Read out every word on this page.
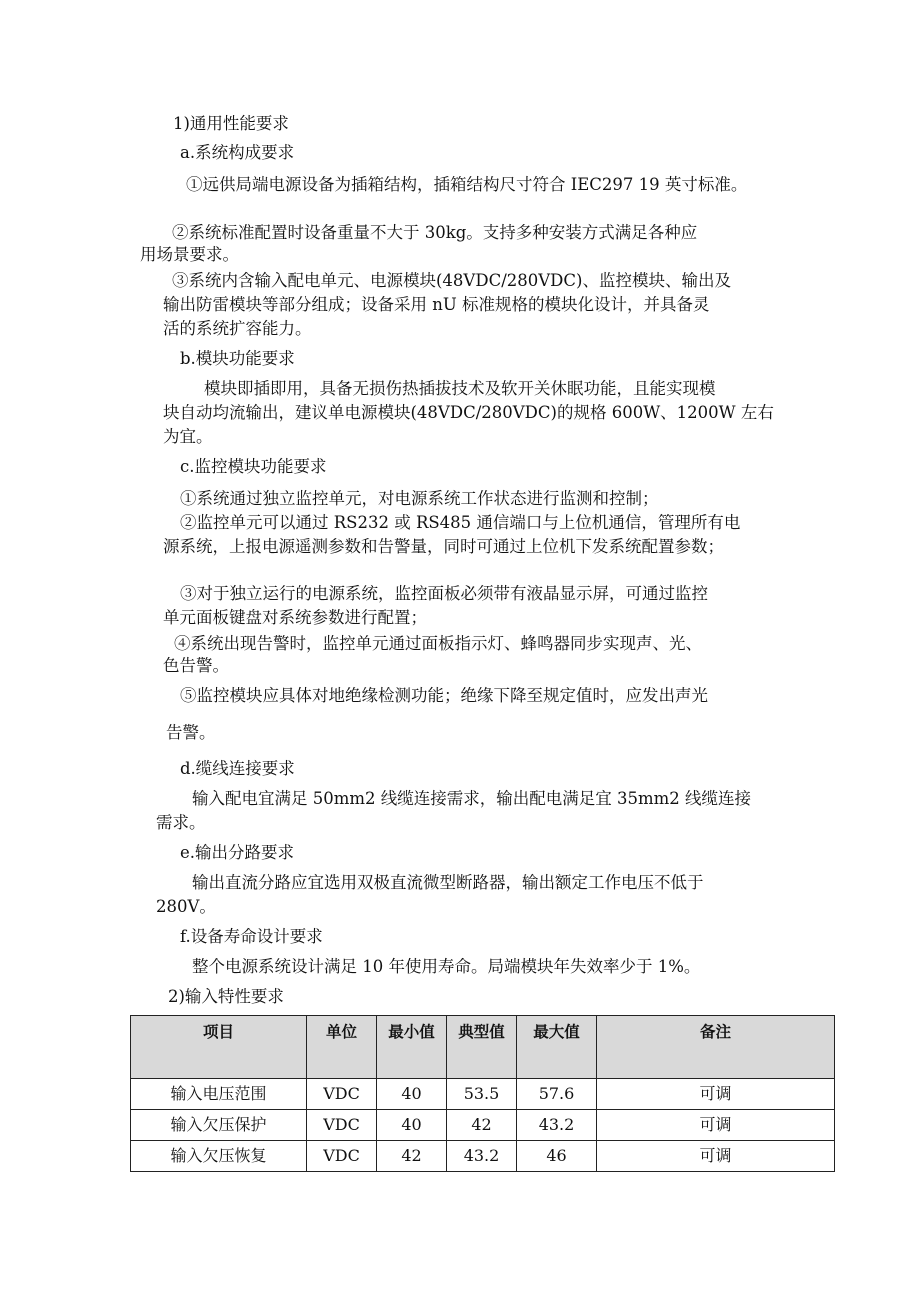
1)通用性能要求
a.系统构成要求
①远供局端电源设备为插箱结构，插箱结构尺寸符合 IEC297 19 英寸标准。
②系统标准配置时设备重量不大于 30kg。支持多种安装方式满足各种应
用场景要求。
③系统内含输入配电单元、电源模块(48VDC/280VDC)、监控模块、输出及
输出防雷模块等部分组成；设备采用 nU 标准规格的模块化设计，并具备灵
活的系统扩容能力。
b.模块功能要求
模块即插即用，具备无损伤热插拔技术及软开关休眠功能，且能实现模
块自动均流输出，建议单电源模块(48VDC/280VDC)的规格 600W、1200W 左右
为宜。
c.监控模块功能要求
①系统通过独立监控单元，对电源系统工作状态进行监测和控制；
②监控单元可以通过 RS232 或 RS485 通信端口与上位机通信，管理所有电
源系统，上报电源遥测参数和告警量，同时可通过上位机下发系统配置参数；
③对于独立运行的电源系统，监控面板必须带有液晶显示屏，可通过监控
单元面板键盘对系统参数进行配置；
④系统出现告警时，监控单元通过面板指示灯、蜂鸣器同步实现声、光、
色告警。
⑤监控模块应具体对地绝缘检测功能；绝缘下降至规定值时，应发出声光
告警。
d.缆线连接要求
输入配电宜满足 50mm2 线缆连接需求，输出配电满足宜 35mm2 线缆连接
需求。
e.输出分路要求
输出直流分路应宜选用双极直流微型断路器，输出额定工作电压不低于
280V。
f.设备寿命设计要求
整个电源系统设计满足 10 年使用寿命。局端模块年失效率少于 1%。
2)输入特性要求
项目	单位	最小值	典型值	最大值	备注
输入电压范围	VDC	40	53.5	57.6	可调
输入欠压保护	VDC	40	42	43.2	可调
输入欠压恢复	VDC	42	43.2	46	可调
